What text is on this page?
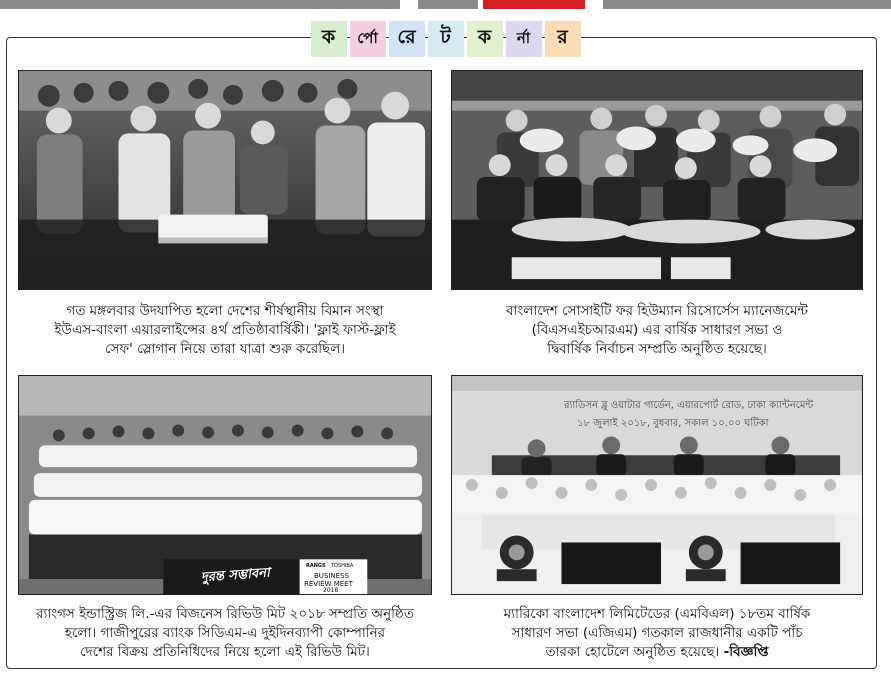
ক	র্পো	রে	ট	ক	র্না	র
দুরন্ত সম্ভাবনা	RANGS TOSHIBA
BUSINESS
REVIEW MEET
2018
র‌্যাডিসন ব্লু ওয়াটার গার্ডেন, এয়ারপোর্ট রোড, ঢাকা ক্যান্টনমেন্ট
১৮ জুলাই ২০১৮, বুধবার, সকাল ১০.০০ ঘটিকা
গত মঙ্গলবার উদযাপিত হলো দেশের শীর্ষস্থানীয় বিমান সংস্থা
ইউএস-বাংলা এয়ারলাইন্সের ৪র্থ প্রতিষ্ঠাবার্ষিকী। 'ফ্লাই ফাস্ট-ফ্লাই
সেফ' স্লোগান নিয়ে তারা যাত্রা শুরু করেছিল।
বাংলাদেশ সোসাইটি ফর হিউম্যান রিসোর্সেস ম্যানেজমেন্ট
(বিএসএইচআরএম) এর বার্ষিক সাধারণ সভা ও
দ্বিবার্ষিক নির্বাচন সম্প্রতি অনুষ্ঠিত হয়েছে।
র‌্যাংগস ইন্ডাস্ট্রিজ লি.-এর বিজনেস রিভিউ মিট ২০১৮ সম্প্রতি অনুষ্ঠিত
হলো। গাজীপুরের ব্যাংক সিডিএম-এ দুইদিনব্যাপী কোম্পানির
দেশের বিক্রয় প্রতিনিধিদের নিয়ে হলো এই রিভিউ মিট।
ম্যারিকো বাংলাদেশ লিমিটেডের (এমবিএল) ১৮তম বার্ষিক
সাধারণ সভা (এজিএম) গতকাল রাজধানীর একটি পাঁচ
তারকা হোটেলে অনুষ্ঠিত হয়েছে। -বিজ্ঞপ্তি
